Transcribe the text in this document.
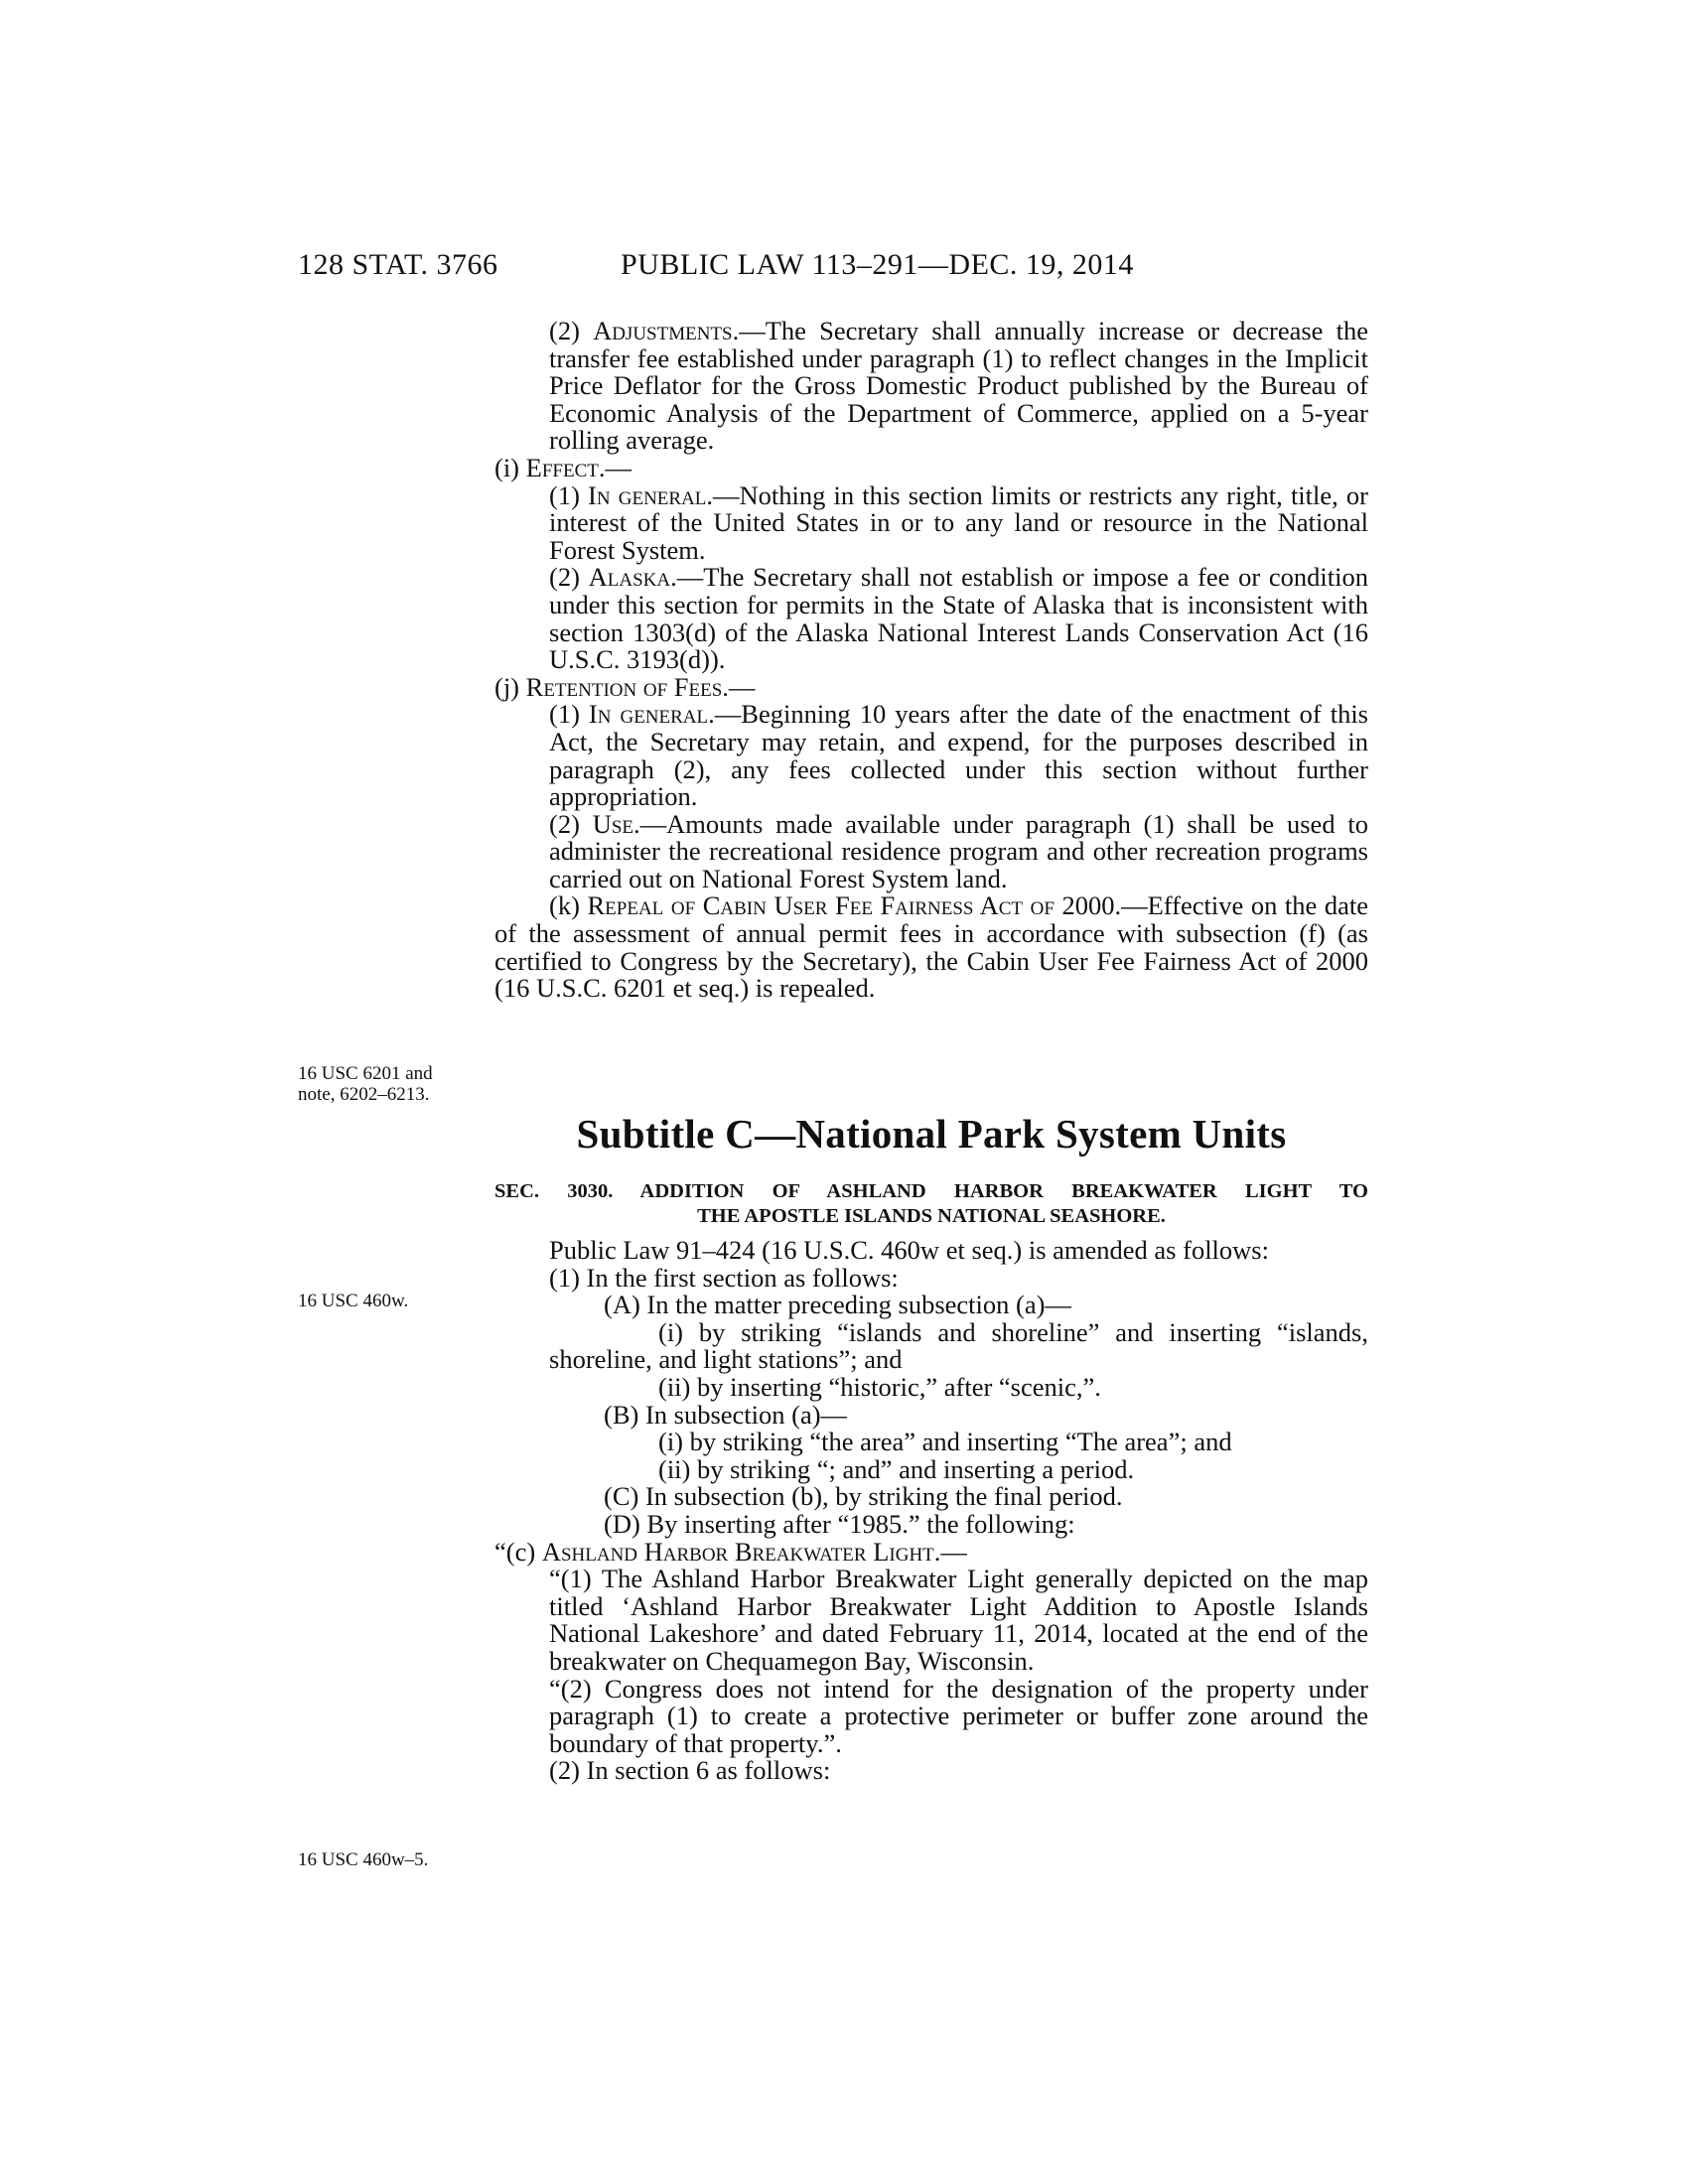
128 STAT. 3766	PUBLIC LAW 113–291—DEC. 19, 2014
16 USC 6201 and
note, 6202–6213.
16 USC 460w.
16 USC 460w–5.

(2) Adjustments.—The Secretary shall annually increase or decrease the transfer fee established under paragraph (1) to reflect changes in the Implicit Price Deflator for the Gross Domestic Product published by the Bureau of Economic Analysis of the Department of Commerce, applied on a 5-year rolling average.

(i) Effect.—

(1) In general.—Nothing in this section limits or restricts any right, title, or interest of the United States in or to any land or resource in the National Forest System.

(2) Alaska.—The Secretary shall not establish or impose a fee or condition under this section for permits in the State of Alaska that is inconsistent with section 1303(d) of the Alaska National Interest Lands Conservation Act (16 U.S.C. 3193(d)).

(j) Retention of Fees.—

(1) In general.—Beginning 10 years after the date of the enactment of this Act, the Secretary may retain, and expend, for the purposes described in paragraph (2), any fees collected under this section without further appropriation.

(2) Use.—Amounts made available under paragraph (1) shall be used to administer the recreational residence program and other recreation programs carried out on National Forest System land.

(k) Repeal of Cabin User Fee Fairness Act of 2000.—Effective on the date of the assessment of annual permit fees in accordance with subsection (f) (as certified to Congress by the Secretary), the Cabin User Fee Fairness Act of 2000 (16 U.S.C. 6201 et seq.) is repealed.

Subtitle C—National Park System Units
SEC. 3030. ADDITION OF ASHLAND HARBOR BREAKWATER LIGHT TO
THE APOSTLE ISLANDS NATIONAL SEASHORE.

Public Law 91–424 (16 U.S.C. 460w et seq.) is amended as follows:

(1) In the first section as follows:

(A) In the matter preceding subsection (a)—

(i) by striking “islands and shoreline” and inserting “islands, shoreline, and light stations”; and

(ii) by inserting “historic,” after “scenic,”.

(B) In subsection (a)—

(i) by striking “the area” and inserting “The area”; and

(ii) by striking “; and” and inserting a period.

(C) In subsection (b), by striking the final period.

(D) By inserting after “1985.” the following:

“(c) Ashland Harbor Breakwater Light.—

“(1) The Ashland Harbor Breakwater Light generally depicted on the map titled ‘Ashland Harbor Breakwater Light Addition to Apostle Islands National Lakeshore’ and dated February 11, 2014, located at the end of the breakwater on Chequamegon Bay, Wisconsin.

“(2) Congress does not intend for the designation of the property under paragraph (1) to create a protective perimeter or buffer zone around the boundary of that property.”.

(2) In section 6 as follows:
